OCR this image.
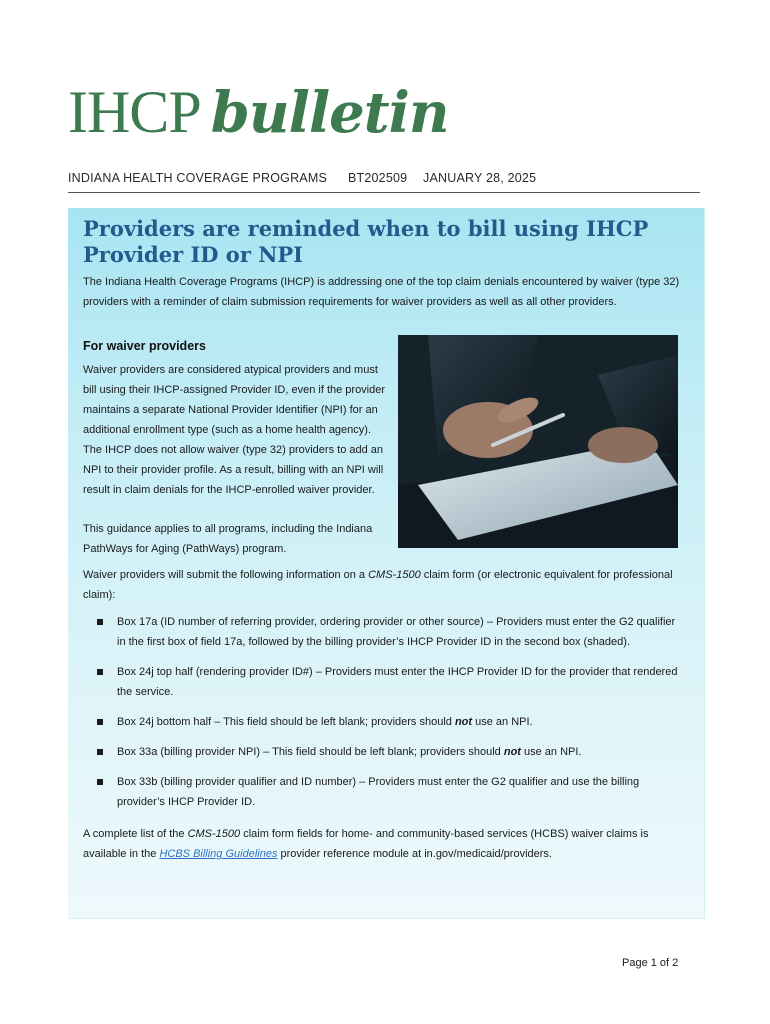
IHCP bulletin
INDIANA HEALTH COVERAGE PROGRAMS BT202509 JANUARY 28, 2025
Providers are reminded when to bill using IHCP Provider ID or NPI

The Indiana Health Coverage Programs (IHCP) is addressing one of the top claim denials encountered by waiver (type 32) providers with a reminder of claim submission requirements for waiver providers as well as all other providers.

For waiver providers

Waiver providers are considered atypical providers and must bill using their IHCP-assigned Provider ID, even if the provider maintains a separate National Provider Identifier (NPI) for an additional enrollment type (such as a home health agency). The IHCP does not allow waiver (type 32) providers to add an NPI to their provider profile. As a result, billing with an NPI will result in claim denials for the IHCP-enrolled waiver provider.

This guidance applies to all programs, including the Indiana PathWays for Aging (PathWays) program.

Waiver providers will submit the following information on a CMS-1500 claim form (or electronic equivalent for professional claim):

Box 17a (ID number of referring provider, ordering provider or other source) – Providers must enter the G2 qualifier in the first box of field 17a, followed by the billing provider’s IHCP Provider ID in the second box (shaded).
Box 24j top half (rendering provider ID#) – Providers must enter the IHCP Provider ID for the provider that rendered the service.
Box 24j bottom half – This field should be left blank; providers should not use an NPI.
Box 33a (billing provider NPI) – This field should be left blank; providers should not use an NPI.
Box 33b (billing provider qualifier and ID number) – Providers must enter the G2 qualifier and use the billing provider’s IHCP Provider ID.

A complete list of the CMS-1500 claim form fields for home- and community-based services (HCBS) waiver claims is available in the HCBS Billing Guidelines provider reference module at in.gov/medicaid/providers.

Page 1 of 2
